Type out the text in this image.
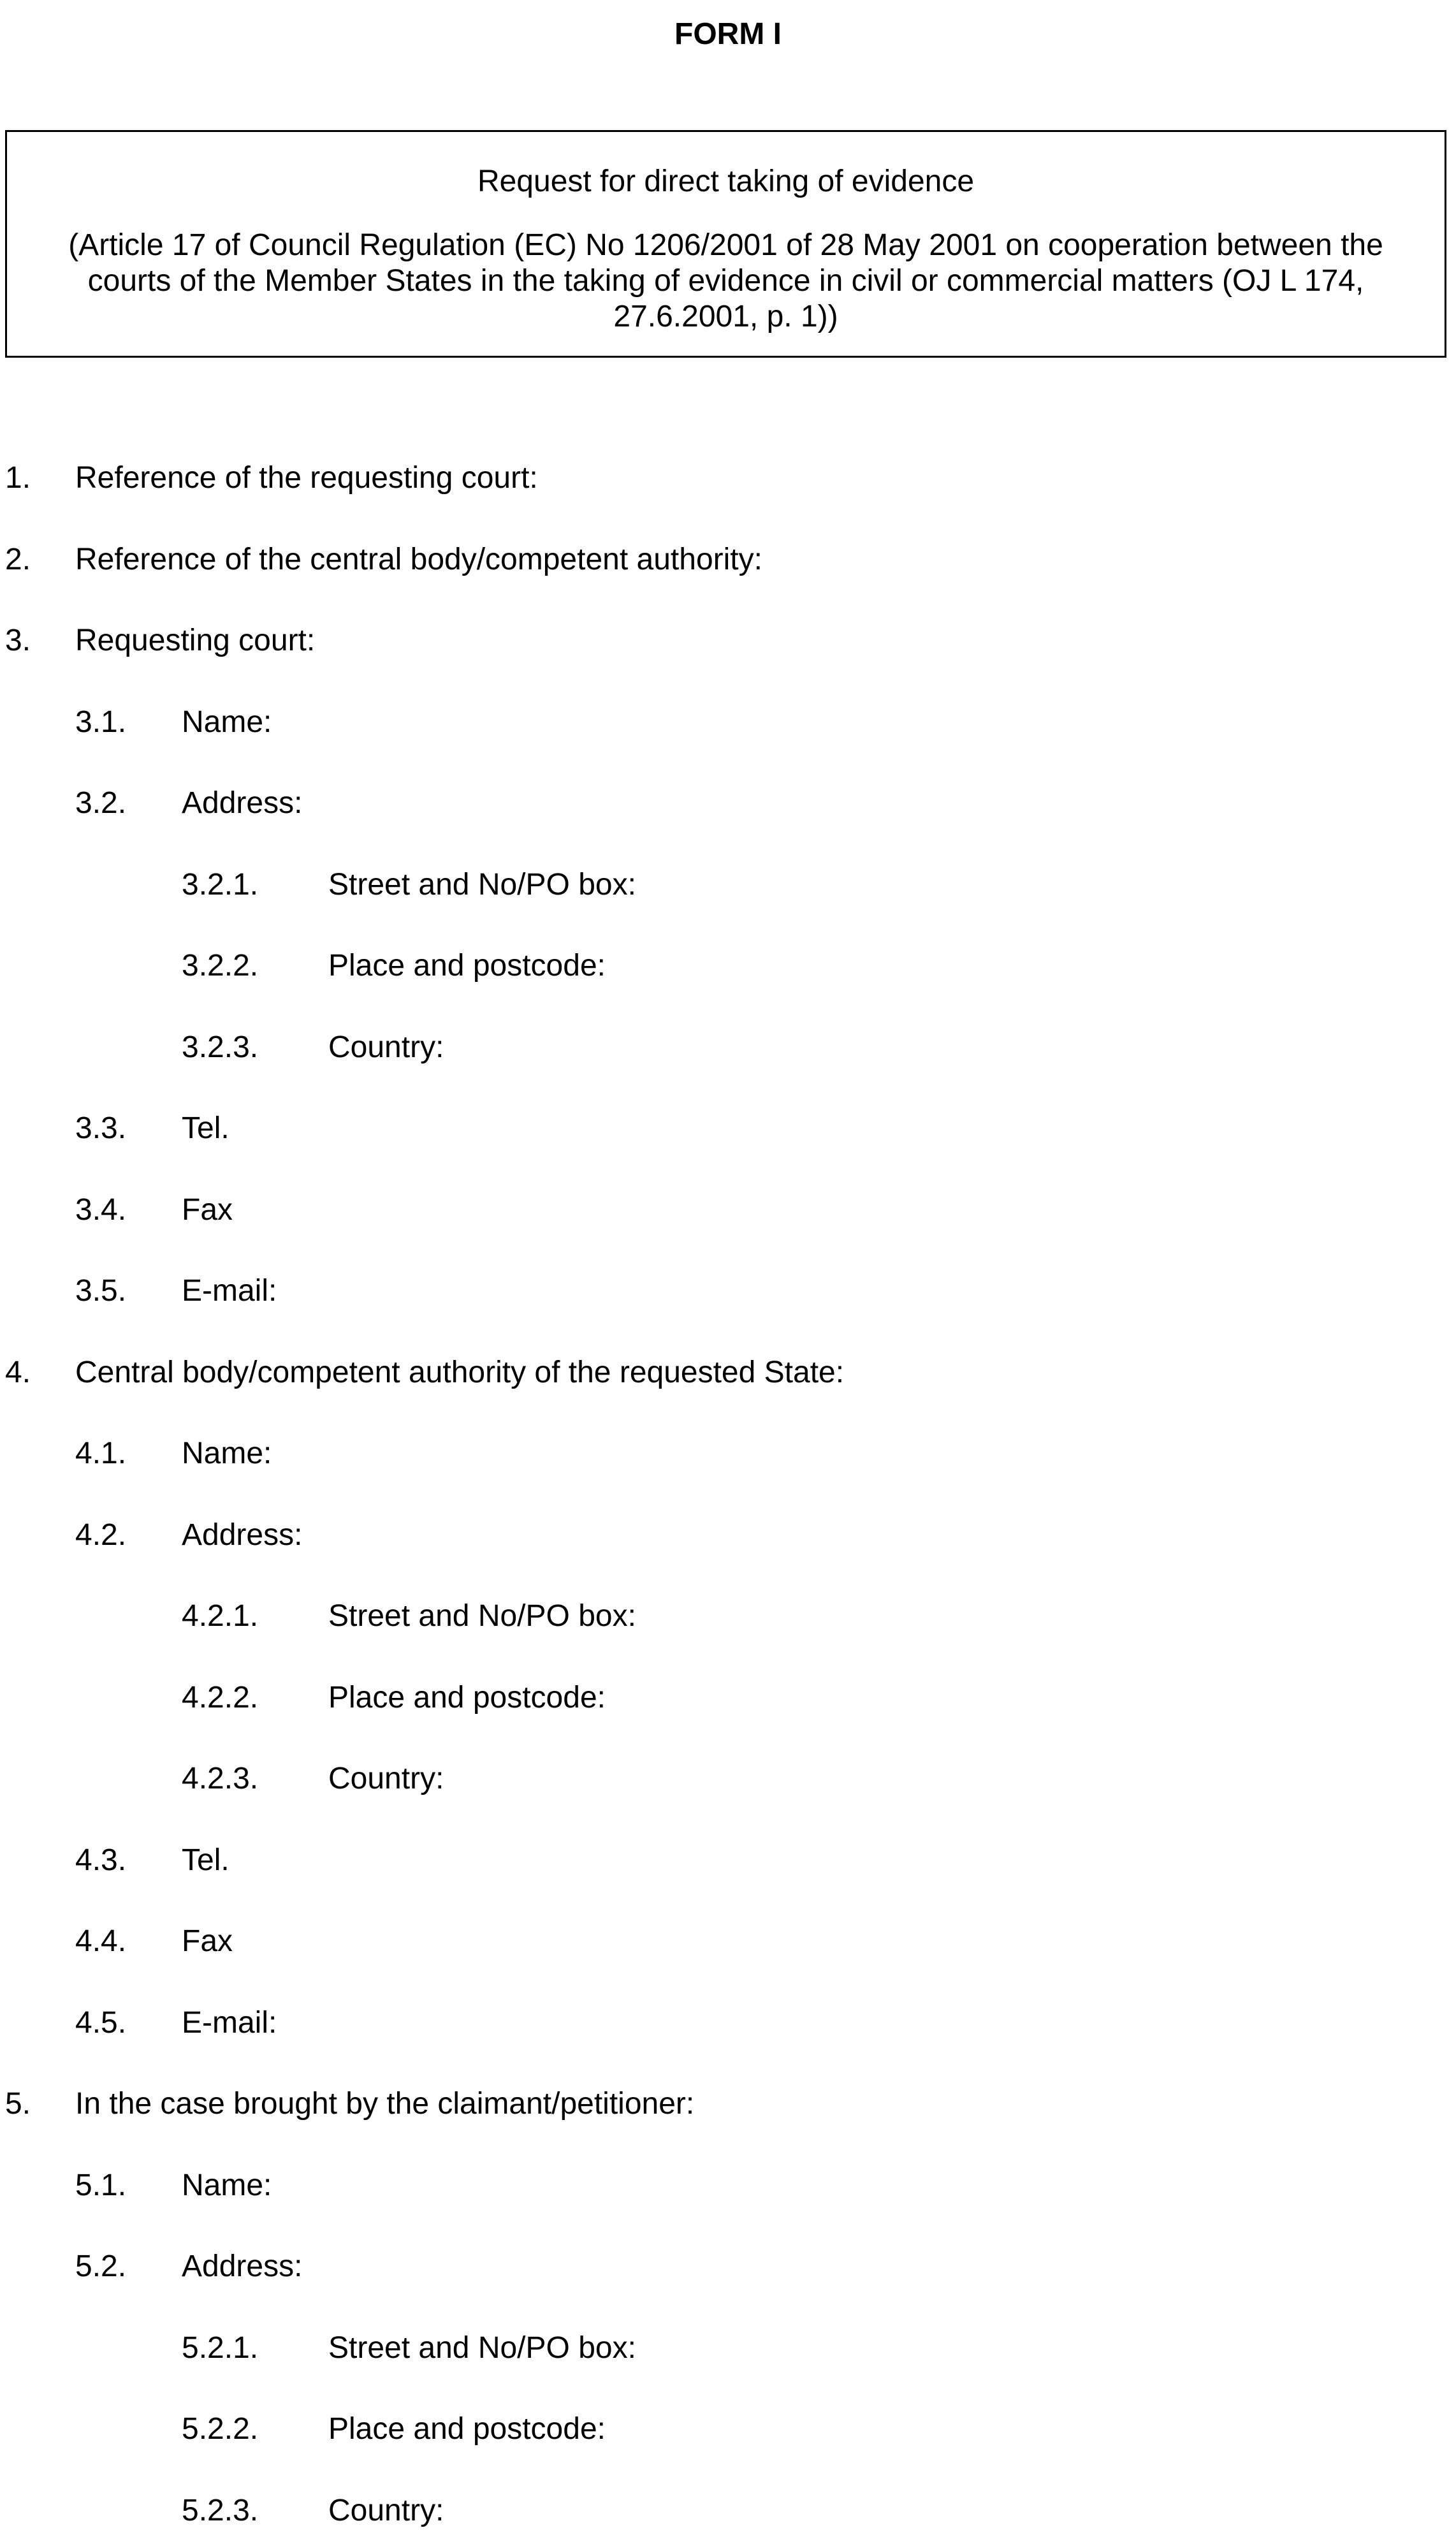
FORM I
Request for direct taking of evidence
(Article 17 of Council Regulation (EC) No 1206/2001 of 28 May 2001 on cooperation between the courts of the Member States in the taking of evidence in civil or commercial matters (OJ L 174, 27.6.2001, p. 1))
1. Reference of the requesting court:
2. Reference of the central body/competent authority:
3. Requesting court:
3.1. Name:
3.2. Address:
3.2.1. Street and No/PO box:
3.2.2. Place and postcode:
3.2.3. Country:
3.3. Tel.
3.4. Fax
3.5. E-mail:
4. Central body/competent authority of the requested State:
4.1. Name:
4.2. Address:
4.2.1. Street and No/PO box:
4.2.2. Place and postcode:
4.2.3. Country:
4.3. Tel.
4.4. Fax
4.5. E-mail:
5. In the case brought by the claimant/petitioner:
5.1. Name:
5.2. Address:
5.2.1. Street and No/PO box:
5.2.2. Place and postcode:
5.2.3. Country:
